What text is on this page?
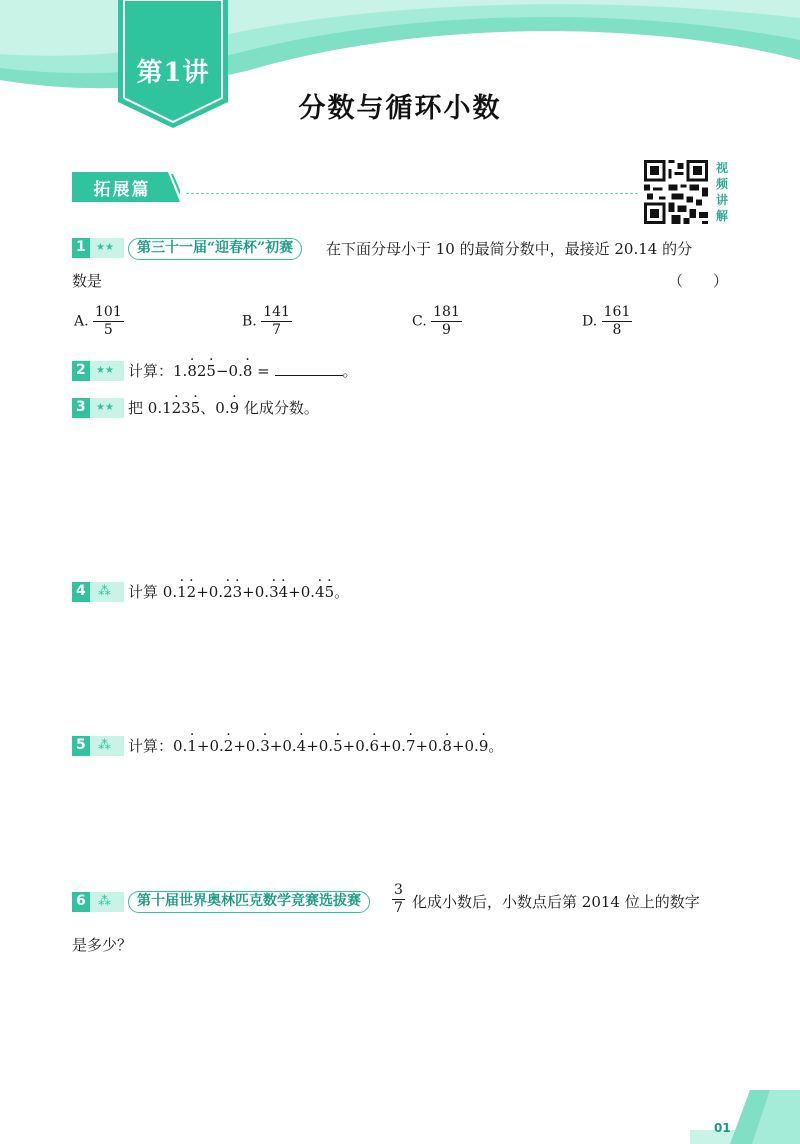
第1讲
分数与循环小数
拓展篇
视
频
讲
解
1 ★★	第三十一届“迎春杯”初赛	在下面分母小于 10 的最简分数中，最接近 20.14 的分
数是	（　　）
A. $\frac{101}{5}$	B. $\frac{141}{7}$	C. $\frac{181}{9}$	D. $\frac{161}{8}$
2 ★★ 计算：1.· 82· 5−0.· 8 =	。
3 ★★ 把 0.1· 23· 5、0.· 9 化成分数。
4 ⁂ 计算 0.· 1· 2+0.· 2· 3+0.· 3· 4+0.· 4· 5。
5 ⁂ 计算：0.· 1+0.· 2+0.· 3+0.· 4+0.· 5+0.· 6+0.· 7+0.· 8+0.· 9。
6 ⁂	第十届世界奥林匹克数学竞赛选拔赛	$\frac{3}{7}$ 化成小数后，小数点后第 2014 位上的数字
是多少？
01
